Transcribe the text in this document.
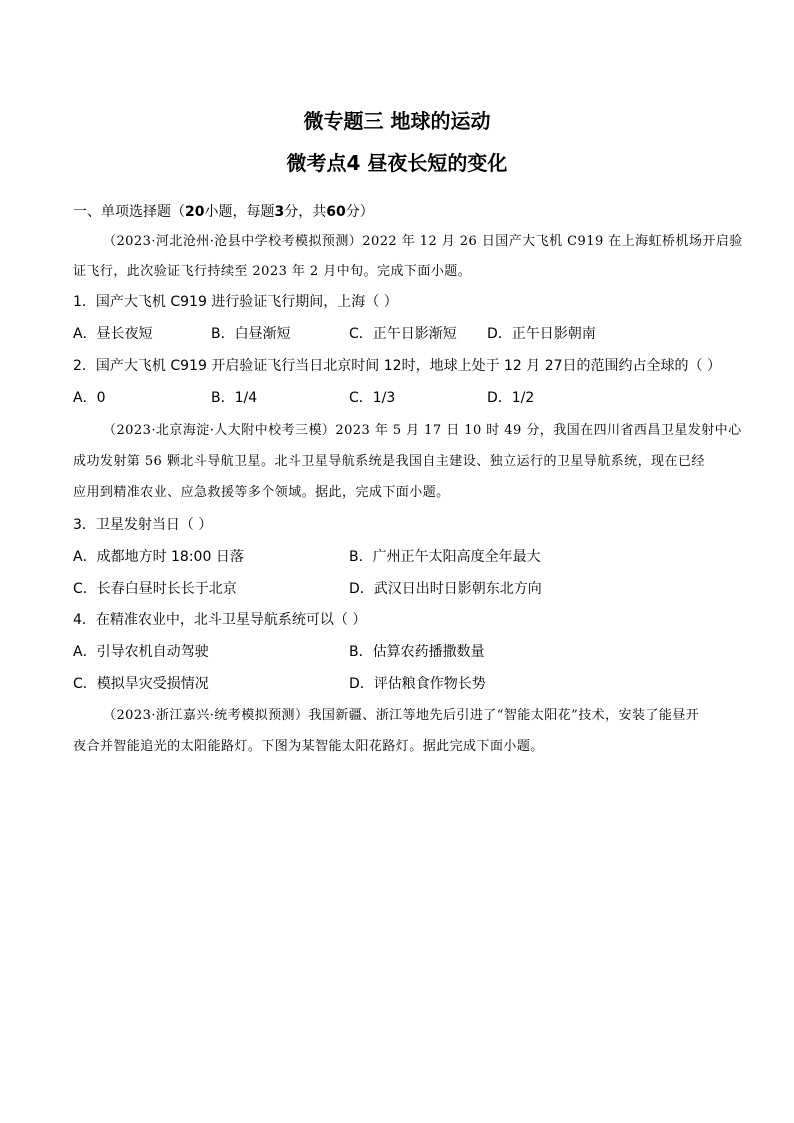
微专题三 地球的运动
微考点4 昼夜长短的变化
一、单项选择题（20小题，每题3分，共60分）
（2023·河北沧州·沧县中学校考模拟预测）2022 年 12 月 26 日国产大飞机 C919 在上海虹桥机场开启验
证飞行，此次验证飞行持续至 2023 年 2 月中旬。完成下面小题。
1．国产大飞机 C919 进行验证飞行期间，上海（ ）
A．昼长夜短	B．白昼渐短	C．正午日影渐短 D．正午日影朝南
2．国产大飞机 C919 开启验证飞行当日北京时间 12时，地球上处于 12 月 27日的范围约占全球的（ ）
A．0	B．1/4	C．1/3	D．1/2
（2023·北京海淀·人大附中校考三模）2023 年 5 月 17 日 10 时 49 分，我国在四川省西昌卫星发射中心
成功发射第 56 颗北斗导航卫星。北斗卫星导航系统是我国自主建设、独立运行的卫星导航系统，现在已经
应用到精准农业、应急救援等多个领域。据此，完成下面小题。
3．卫星发射当日（ ）
A．成都地方时 18:00 日落	B．广州正午太阳高度全年最大
C．长春白昼时长长于北京	D．武汉日出时日影朝东北方向
4．在精准农业中，北斗卫星导航系统可以（ ）
A．引导农机自动驾驶	B．估算农药播撒数量
C．模拟旱灾受损情况	D．评估粮食作物长势
（2023·浙江嘉兴·统考模拟预测）我国新疆、浙江等地先后引进了“智能太阳花”技术，安装了能昼开
夜合并智能追光的太阳能路灯。下图为某智能太阳花路灯。据此完成下面小题。
